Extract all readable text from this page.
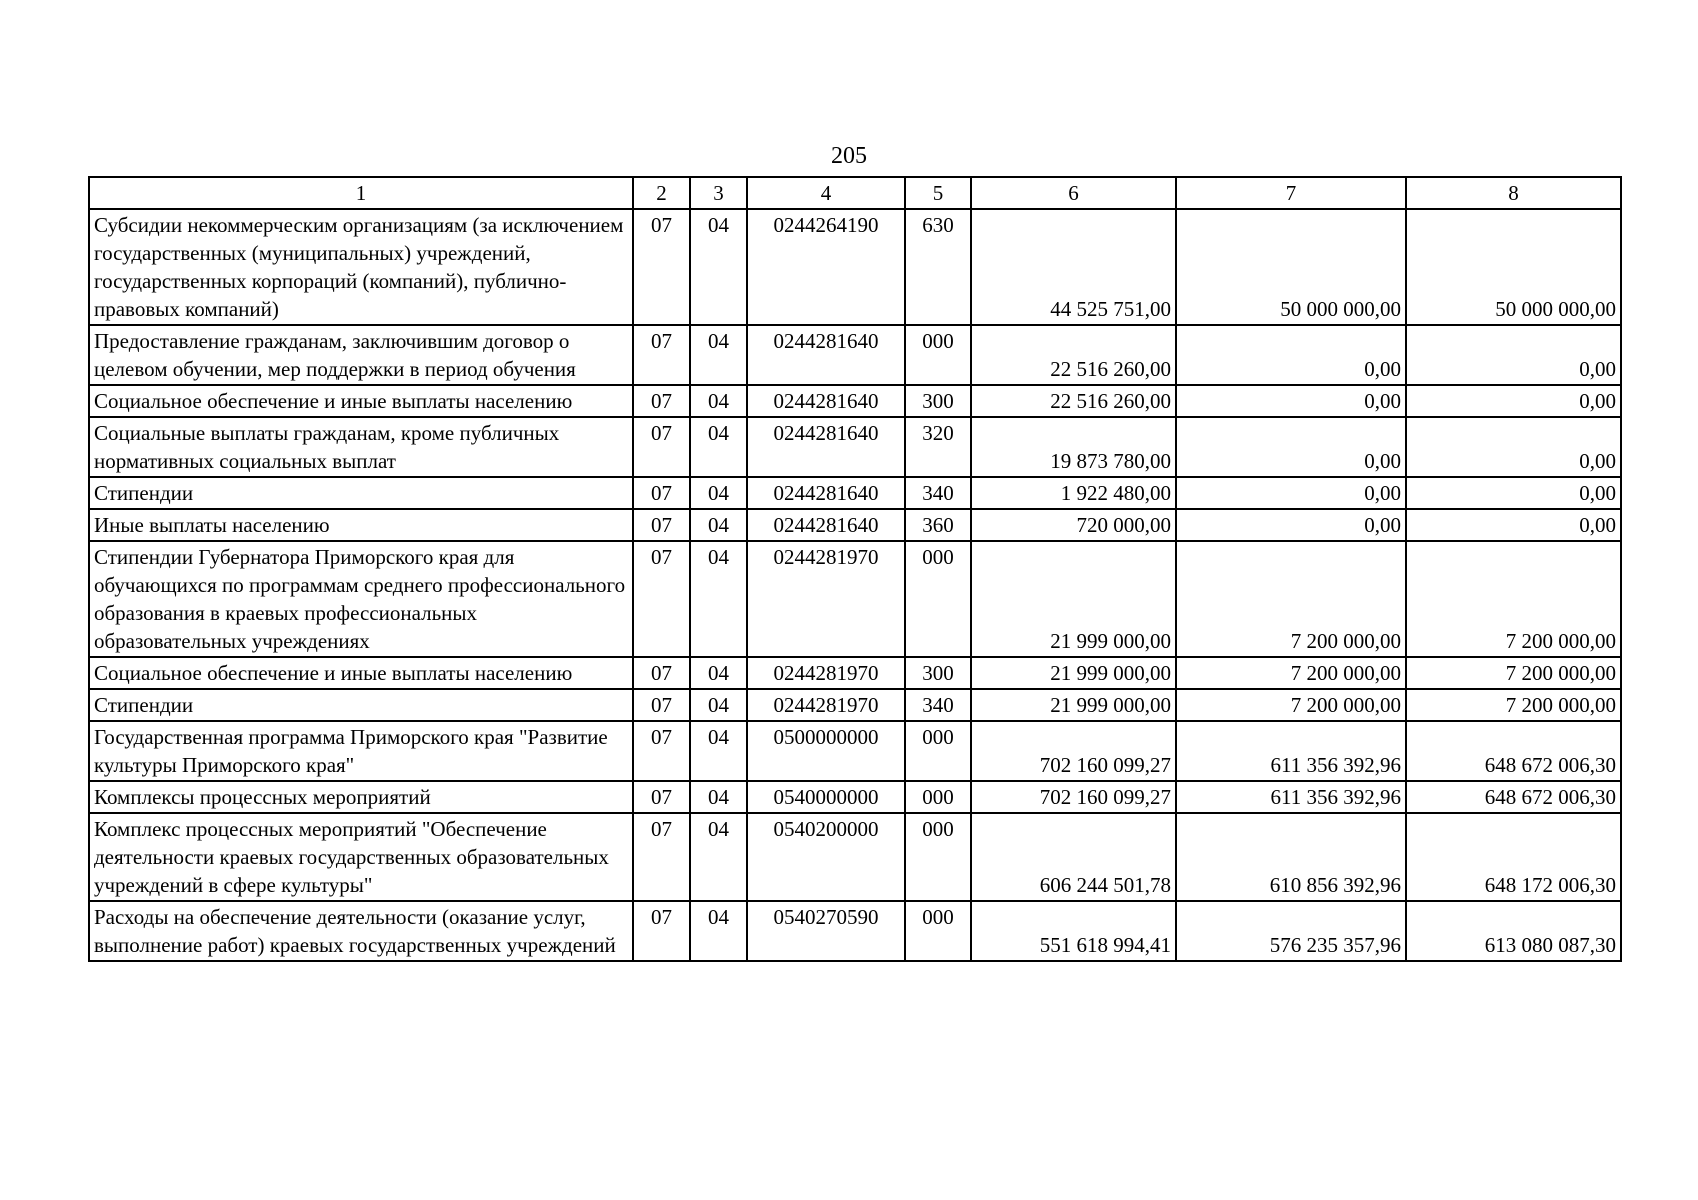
205
1	2	3	4	5	6	7	8
Субсидии некоммерческим организациям (за исключением государственных (муниципальных) учреждений, государственных корпораций (компаний), публично-правовых компаний)	07	04	0244264190	630	44 525 751,00	50 000 000,00	50 000 000,00
Предоставление гражданам, заключившим договор о целевом обучении, мер поддержки в период обучения	07	04	0244281640	000	22 516 260,00	0,00	0,00
Социальное обеспечение и иные выплаты населению	07	04	0244281640	300	22 516 260,00	0,00	0,00
Социальные выплаты гражданам, кроме публичных нормативных социальных выплат	07	04	0244281640	320	19 873 780,00	0,00	0,00
Стипендии	07	04	0244281640	340	1 922 480,00	0,00	0,00
Иные выплаты населению	07	04	0244281640	360	720 000,00	0,00	0,00
Стипендии Губернатора Приморского края для обучающихся по программам среднего профессионального образования в краевых профессиональных образовательных учреждениях	07	04	0244281970	000	21 999 000,00	7 200 000,00	7 200 000,00
Социальное обеспечение и иные выплаты населению	07	04	0244281970	300	21 999 000,00	7 200 000,00	7 200 000,00
Стипендии	07	04	0244281970	340	21 999 000,00	7 200 000,00	7 200 000,00
Государственная программа Приморского края "Развитие культуры Приморского края"	07	04	0500000000	000	702 160 099,27	611 356 392,96	648 672 006,30
Комплексы процессных мероприятий	07	04	0540000000	000	702 160 099,27	611 356 392,96	648 672 006,30
Комплекс процессных мероприятий "Обеспечение деятельности краевых государственных образовательных учреждений в сфере культуры"	07	04	0540200000	000	606 244 501,78	610 856 392,96	648 172 006,30
Расходы на обеспечение деятельности (оказание услуг, выполнение работ) краевых государственных учреждений	07	04	0540270590	000	551 618 994,41	576 235 357,96	613 080 087,30
